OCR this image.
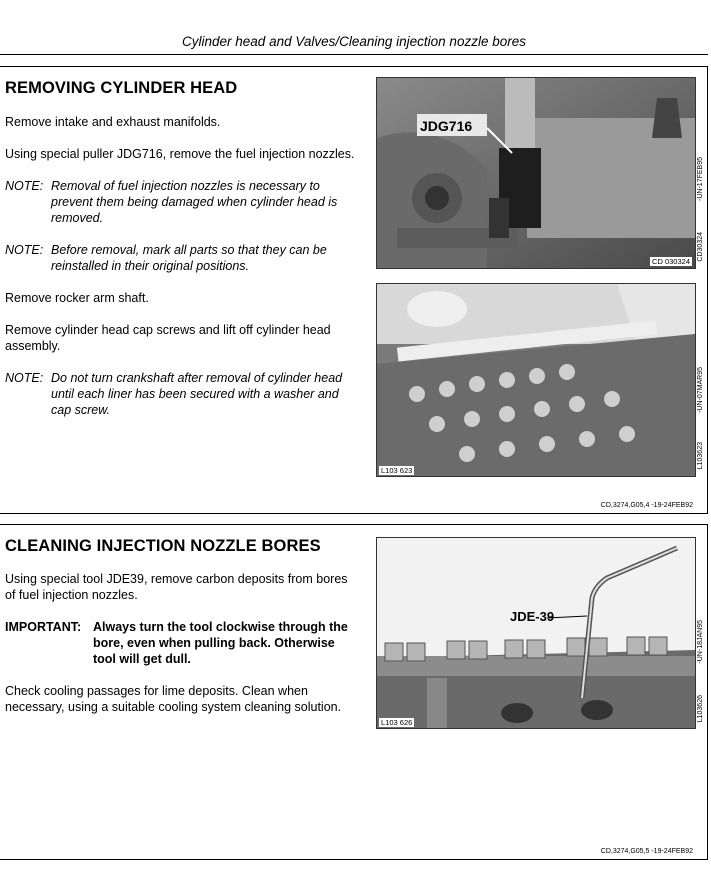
Cylinder head and Valves/Cleaning injection nozzle bores
REMOVING CYLINDER HEAD

Remove intake and exhaust manifolds.

Using special puller JDG716, remove the fuel injection nozzles.

NOTE: Removal of fuel injection nozzles is necessary to prevent them being damaged when cylinder head is removed.
NOTE: Before removal, mark all parts so that they can be reinstalled in their original positions.

Remove rocker arm shaft.

Remove cylinder head cap screws and lift off cylinder head assembly.

NOTE: Do not turn crankshaft after removal of cylinder head until each liner has been secured with a washer and cap screw.
JDG716
CD 030324
-UN-17FEB95
CD30324
L103 623
-UN-07MAR95
L103623
CD,3274,G05,4 -19-24FEB92
CLEANING INJECTION NOZZLE BORES

Using special tool JDE39, remove carbon deposits from bores of fuel injection nozzles.

IMPORTANT: Always turn the tool clockwise through the bore, even when pulling back. Otherwise tool will get dull.

Check cooling passages for lime deposits. Clean when necessary, using a suitable cooling system cleaning solution.

JDE-39
L103 626
-UN-18JAN95
L103626
CD,3274,G05,5 -19-24FEB92
